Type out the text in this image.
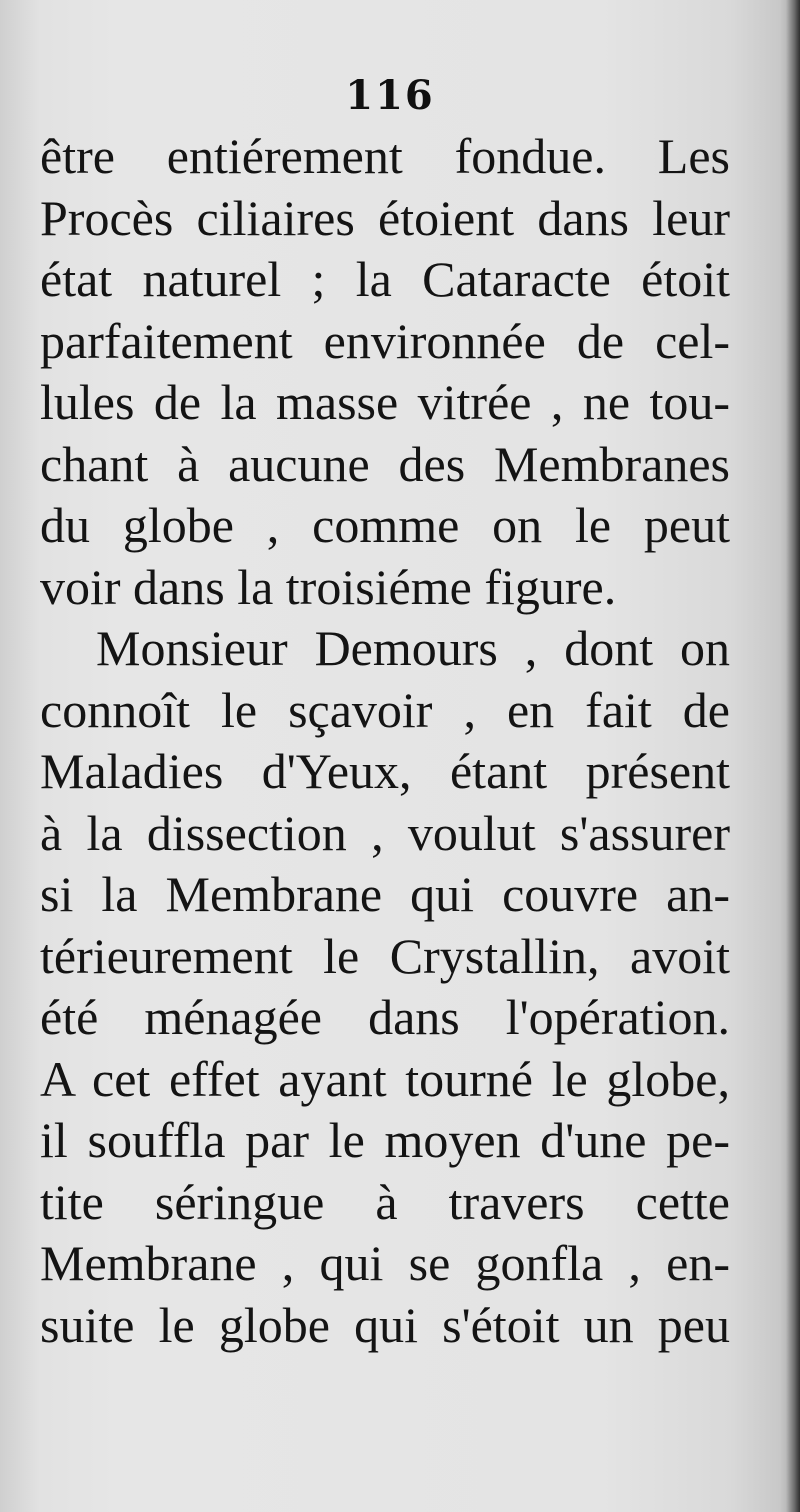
116
être entiérement fondue. Les
Procès ciliaires étoient dans leur
état naturel ; la Cataracte étoit
parfaitement environnée de cel-
lules de la masse vitrée , ne tou-
chant à aucune des Membranes
du globe , comme on le peut
voir dans la troisiéme figure.
Monsieur Demours , dont on
connoît le sçavoir , en fait de
Maladies d'Yeux, étant présent
à la dissection , voulut s'assurer
si la Membrane qui couvre an-
térieurement le Crystallin, avoit
été ménagée dans l'opération.
A cet effet ayant tourné le globe,
il souffla par le moyen d'une pe-
tite séringue à travers cette
Membrane , qui se gonfla , en-
suite le globe qui s'étoit un peu
